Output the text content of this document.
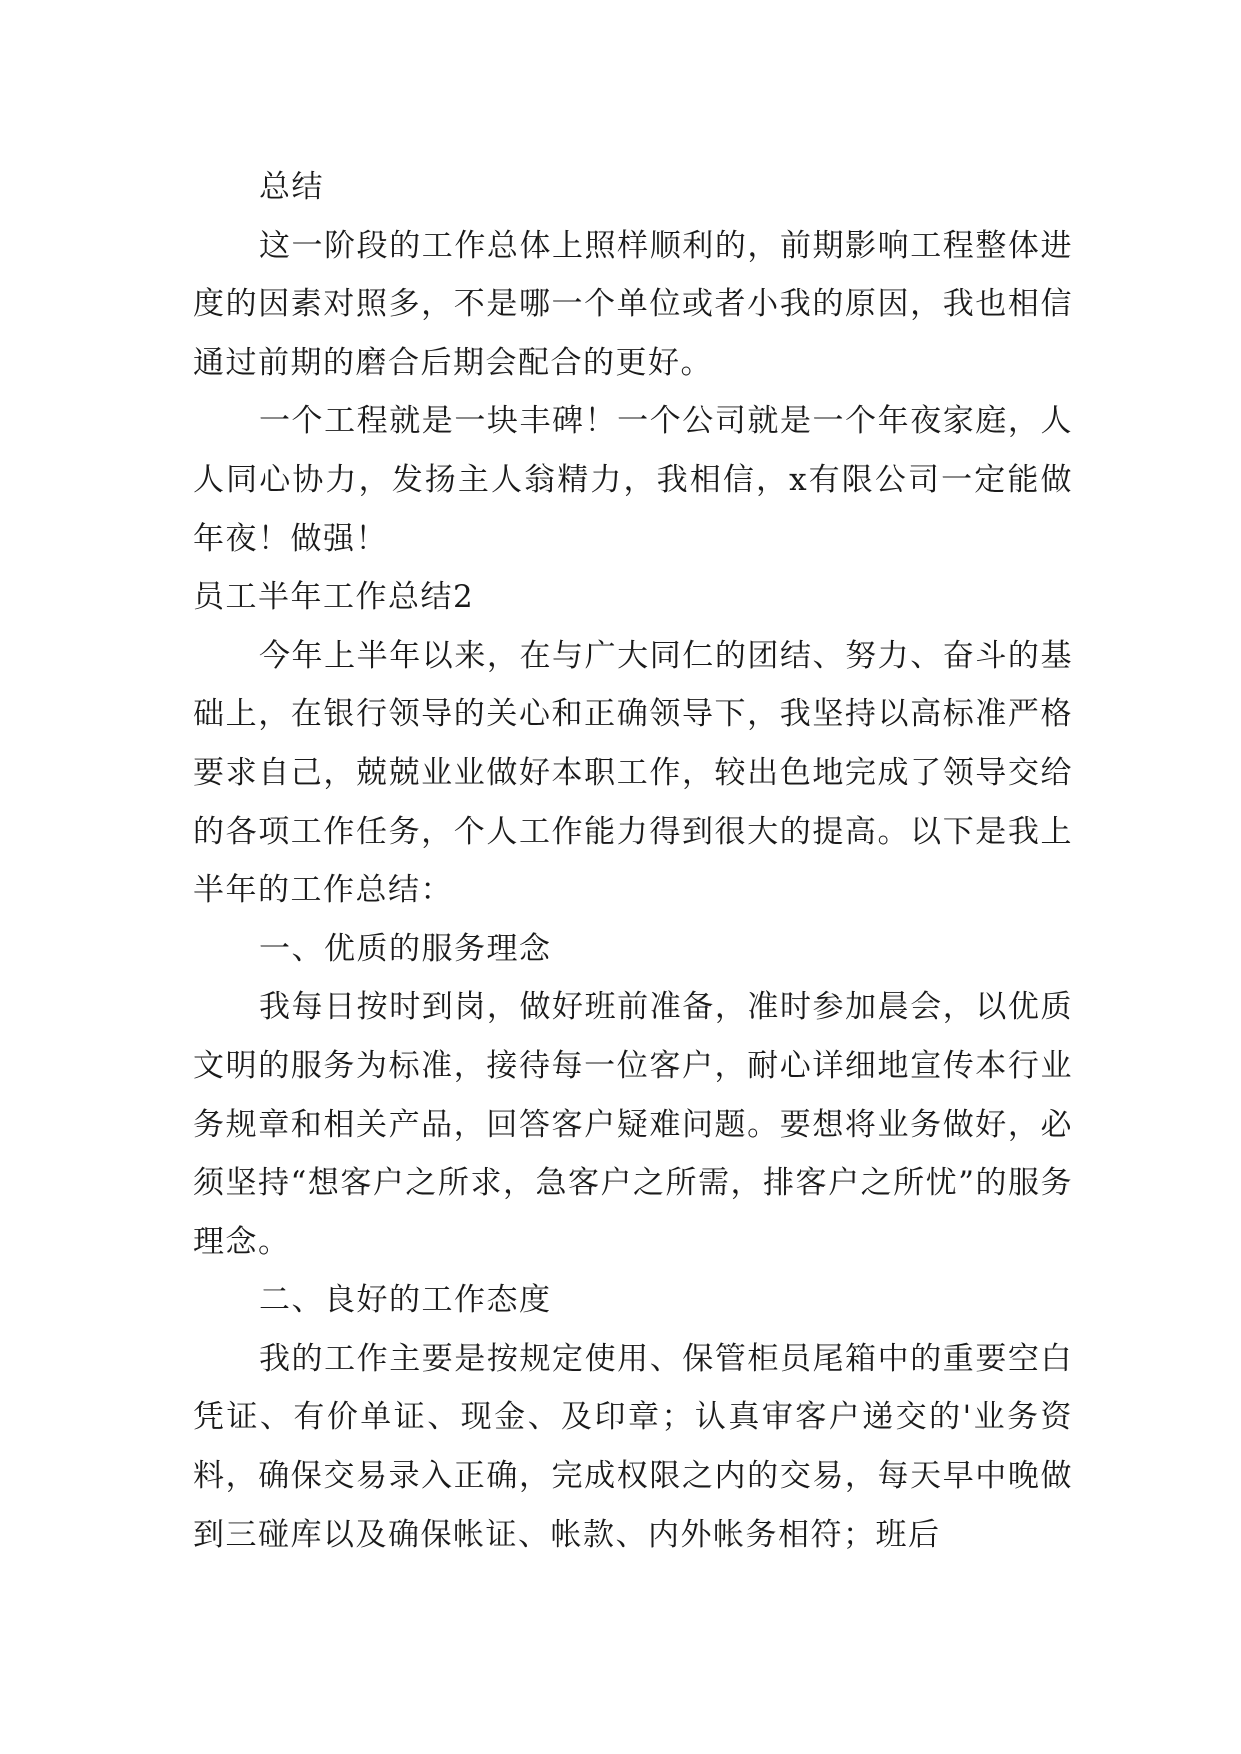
总结

这一阶段的工作总体上照样顺利的，前期影响工程整体进度的因素对照多，不是哪一个单位或者小我的原因，我也相信通过前期的磨合后期会配合的更好。

一个工程就是一块丰碑！一个公司就是一个年夜家庭，人人同心协力，发扬主人翁精力，我相信，x有限公司一定能做年夜！做强！

员工半年工作总结2

今年上半年以来，在与广大同仁的团结、努力、奋斗的基础上，在银行领导的关心和正确领导下，我坚持以高标准严格要求自己，兢兢业业做好本职工作，较出色地完成了领导交给的各项工作任务，个人工作能力得到很大的提高。以下是我上半年的工作总结：

一、优质的服务理念

我每日按时到岗，做好班前准备，准时参加晨会，以优质文明的服务为标准，接待每一位客户，耐心详细地宣传本行业务规章和相关产品，回答客户疑难问题。要想将业务做好，必须坚持“想客户之所求，急客户之所需，排客户之所忧”的服务理念。

二、良好的工作态度

我的工作主要是按规定使用、保管柜员尾箱中的重要空白凭证、有价单证、现金、及印章；认真审客户递交的'业务资料，确保交易录入正确，完成权限之内的交易，每天早中晚做到三碰库以及确保帐证、帐款、内外帐务相符；班后
